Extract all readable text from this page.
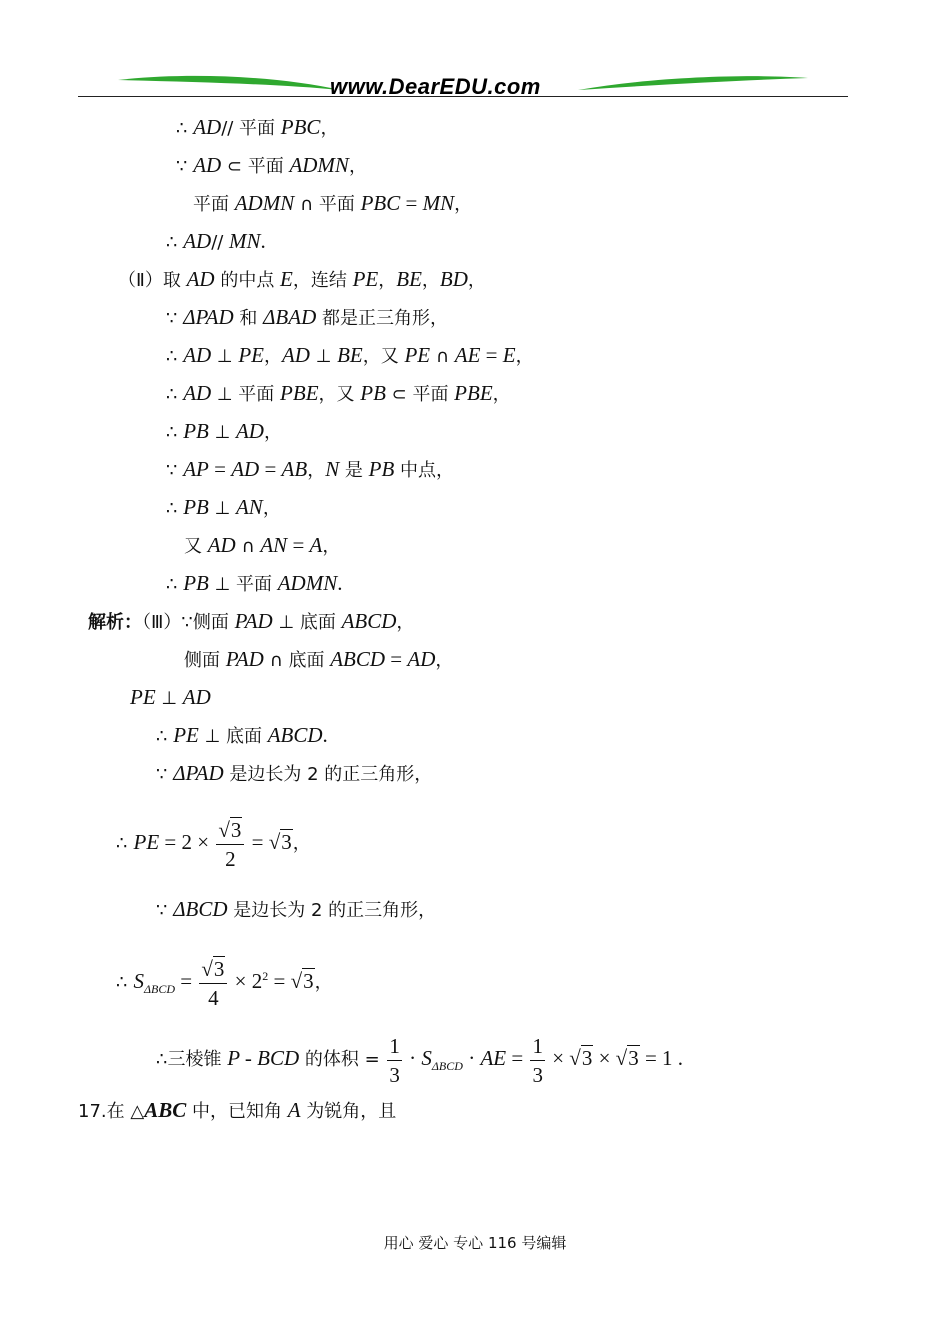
www.DearEDU.com
∴ AD// 平面 PBC，
∵ AD ⊂ 平面 ADMN，
平面 ADMN ∩ 平面 PBC = MN，
∴ AD// MN.
（Ⅱ）取 AD 的中点 E，连结 PE，BE，BD，
∵ ΔPAD 和 ΔBAD 都是正三角形，
∴ AD ⊥ PE，AD ⊥ BE，又 PE ∩ AE = E，
∴ AD ⊥ 平面 PBE，又 PB ⊂ 平面 PBE，
∴ PB ⊥ AD，
∵ AP = AD = AB，N 是 PB 中点，
∴ PB ⊥ AN，
又 AD ∩ AN = A，
∴ PB ⊥ 平面 ADMN.
解析：（Ⅲ）∵侧面 PAD ⊥ 底面 ABCD，
侧面 PAD ∩ 底面 ABCD = AD，
PE ⊥ AD
∴ PE ⊥ 底面 ABCD.
∵ ΔPAD 是边长为 2 的正三角形，
∴ PE = $2 \times \frac{√3}{2} = √3$，
∵ ΔBCD 是边长为 2 的正三角形，
∴ $S_{\Delta BCD} = \frac{√3}{4} \times 2^2 = √3$，
∴三棱锥 P - BCD 的体积 = $\frac{1}{3} \cdot S_{\Delta BCD}$ · AE = $\frac{1}{3} \times √3 \times √3 = 1$ .
17.在 △ABC 中，已知角 A 为锐角，且
用心 爱心 专心 116 号编辑
